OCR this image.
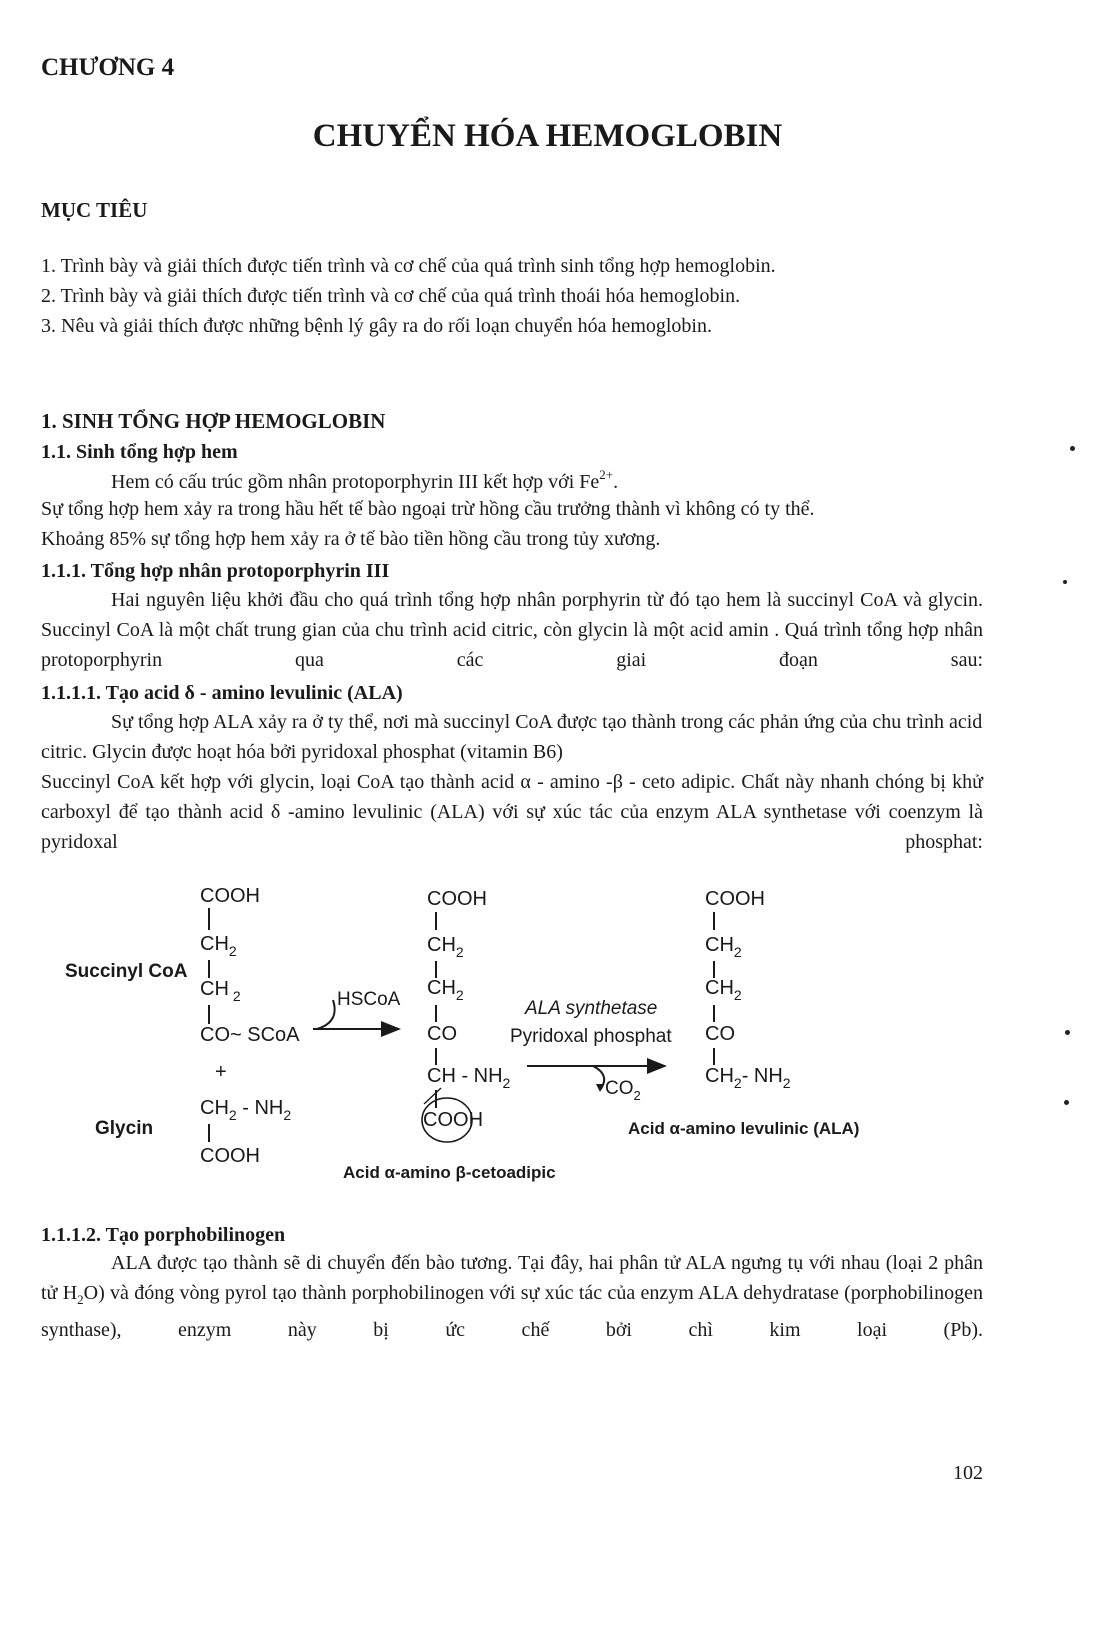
CHƯƠNG 4
CHUYỂN HÓA HEMOGLOBIN
MỤC TIÊU
1. Trình bày và giải thích được tiến trình và cơ chế của quá trình sinh tổng hợp hemoglobin.
2. Trình bày và giải thích được tiến trình và cơ chế của quá trình thoái hóa hemoglobin.
3. Nêu và giải thích được những bệnh lý gây ra do rối loạn chuyển hóa hemoglobin.
1. SINH TỔNG HỢP HEMOGLOBIN
1.1. Sinh tổng hợp hem
Hem có cấu trúc gồm nhân protoporphyrin III kết hợp với $Fe^{2+}$.
Sự tổng hợp hem xảy ra trong hầu hết tế bào ngoại trừ hồng cầu trưởng thành vì không có ty thể.
Khoảng 85% sự tổng hợp hem xảy ra ở tế bào tiền hồng cầu trong tủy xương.
1.1.1. Tổng hợp nhân protoporphyrin III
Hai nguyên liệu khởi đầu cho quá trình tổng hợp nhân porphyrin từ đó tạo hem là succinyl CoA và glycin. Succinyl CoA là một chất trung gian của chu trình acid citric, còn glycin là một acid amin . Quá trình tổng hợp nhân protoporphyrin qua các giai đoạn sau:
1.1.1.1. Tạo acid δ - amino levulinic (ALA)
Sự tổng hợp ALA xảy ra ở ty thể, nơi mà succinyl CoA được tạo thành trong các phản ứng của chu trình acid citric. Glycin được hoạt hóa bởi pyridoxal phosphat (vitamin B6)
Succinyl CoA kết hợp với glycin, loại CoA tạo thành acid α - amino -β - ceto adipic. Chất này nhanh chóng bị khử carboxyl để tạo thành acid δ -amino levulinic (ALA) với sự xúc tác của enzym ALA synthetase với coenzym là pyridoxal phosphat:
Succinyl CoA
Glycin
COOH
$CH_2$
CH $_2$
CO~ SCoA
+
$CH_2 - NH_2$
COOH
HSCoA
COOH
$CH_2$
$CH_2$
CO
CH - $NH_2$
COOH
Acid α-amino β-cetoadipic
ALA synthetase
Pyridoxal phosphat
$CO_2$
COOH
$CH_2$
$CH_2$
CO
$CH_2-$ $NH_2$
Acid α-amino levulinic (ALA)
1.1.1.2. Tạo porphobilinogen
ALA được tạo thành sẽ di chuyển đến bào tương. Tại đây, hai phân tử ALA ngưng tụ với nhau (loại 2 phân tử $H_2O$) và đóng vòng pyrol tạo thành porphobilinogen với sự xúc tác của enzym ALA dehydratase (porphobilinogen synthase), enzym này bị ức chế bởi chì kim loại (Pb).
102
